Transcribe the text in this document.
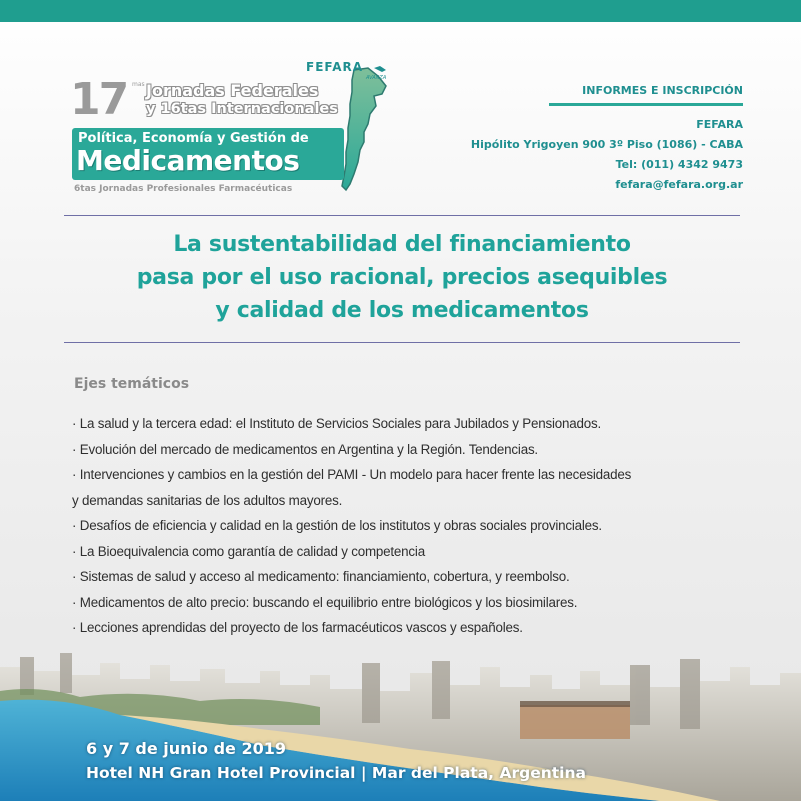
FEFARA
AVANZA
17 mas Jornadas Federales
y 16tas Internacionales
Política, Economía y Gestión de
Medicamentos
6tas Jornadas Profesionales Farmacéuticas
INFORMES E INSCRIPCIÓN
FEFARA
Hipólito Yrigoyen 900 3º Piso (1086) - CABA
Tel: (011) 4342 9473
fefara@fefara.org.ar
La sustentabilidad del financiamiento
pasa por el uso racional, precios asequibles
y calidad de los medicamentos
Ejes temáticos
· La salud y la tercera edad: el Instituto de Servicios Sociales para Jubilados y Pensionados.
· Evolución del mercado de medicamentos en Argentina y la Región. Tendencias.
· Intervenciones y cambios en la gestión del PAMI - Un modelo para hacer frente las necesidades
y demandas sanitarias de los adultos mayores.
· Desafíos de eficiencia y calidad en la gestión de los institutos y obras sociales provinciales.
· La Bioequivalencia como garantía de calidad y competencia
· Sistemas de salud y acceso al medicamento: financiamiento, cobertura, y reembolso.
· Medicamentos de alto precio: buscando el equilibrio entre biológicos y los biosimilares.
· Lecciones aprendidas del proyecto de los farmacéuticos vascos y españoles.
6 y 7 de junio de 2019
Hotel NH Gran Hotel Provincial | Mar del Plata, Argentina
